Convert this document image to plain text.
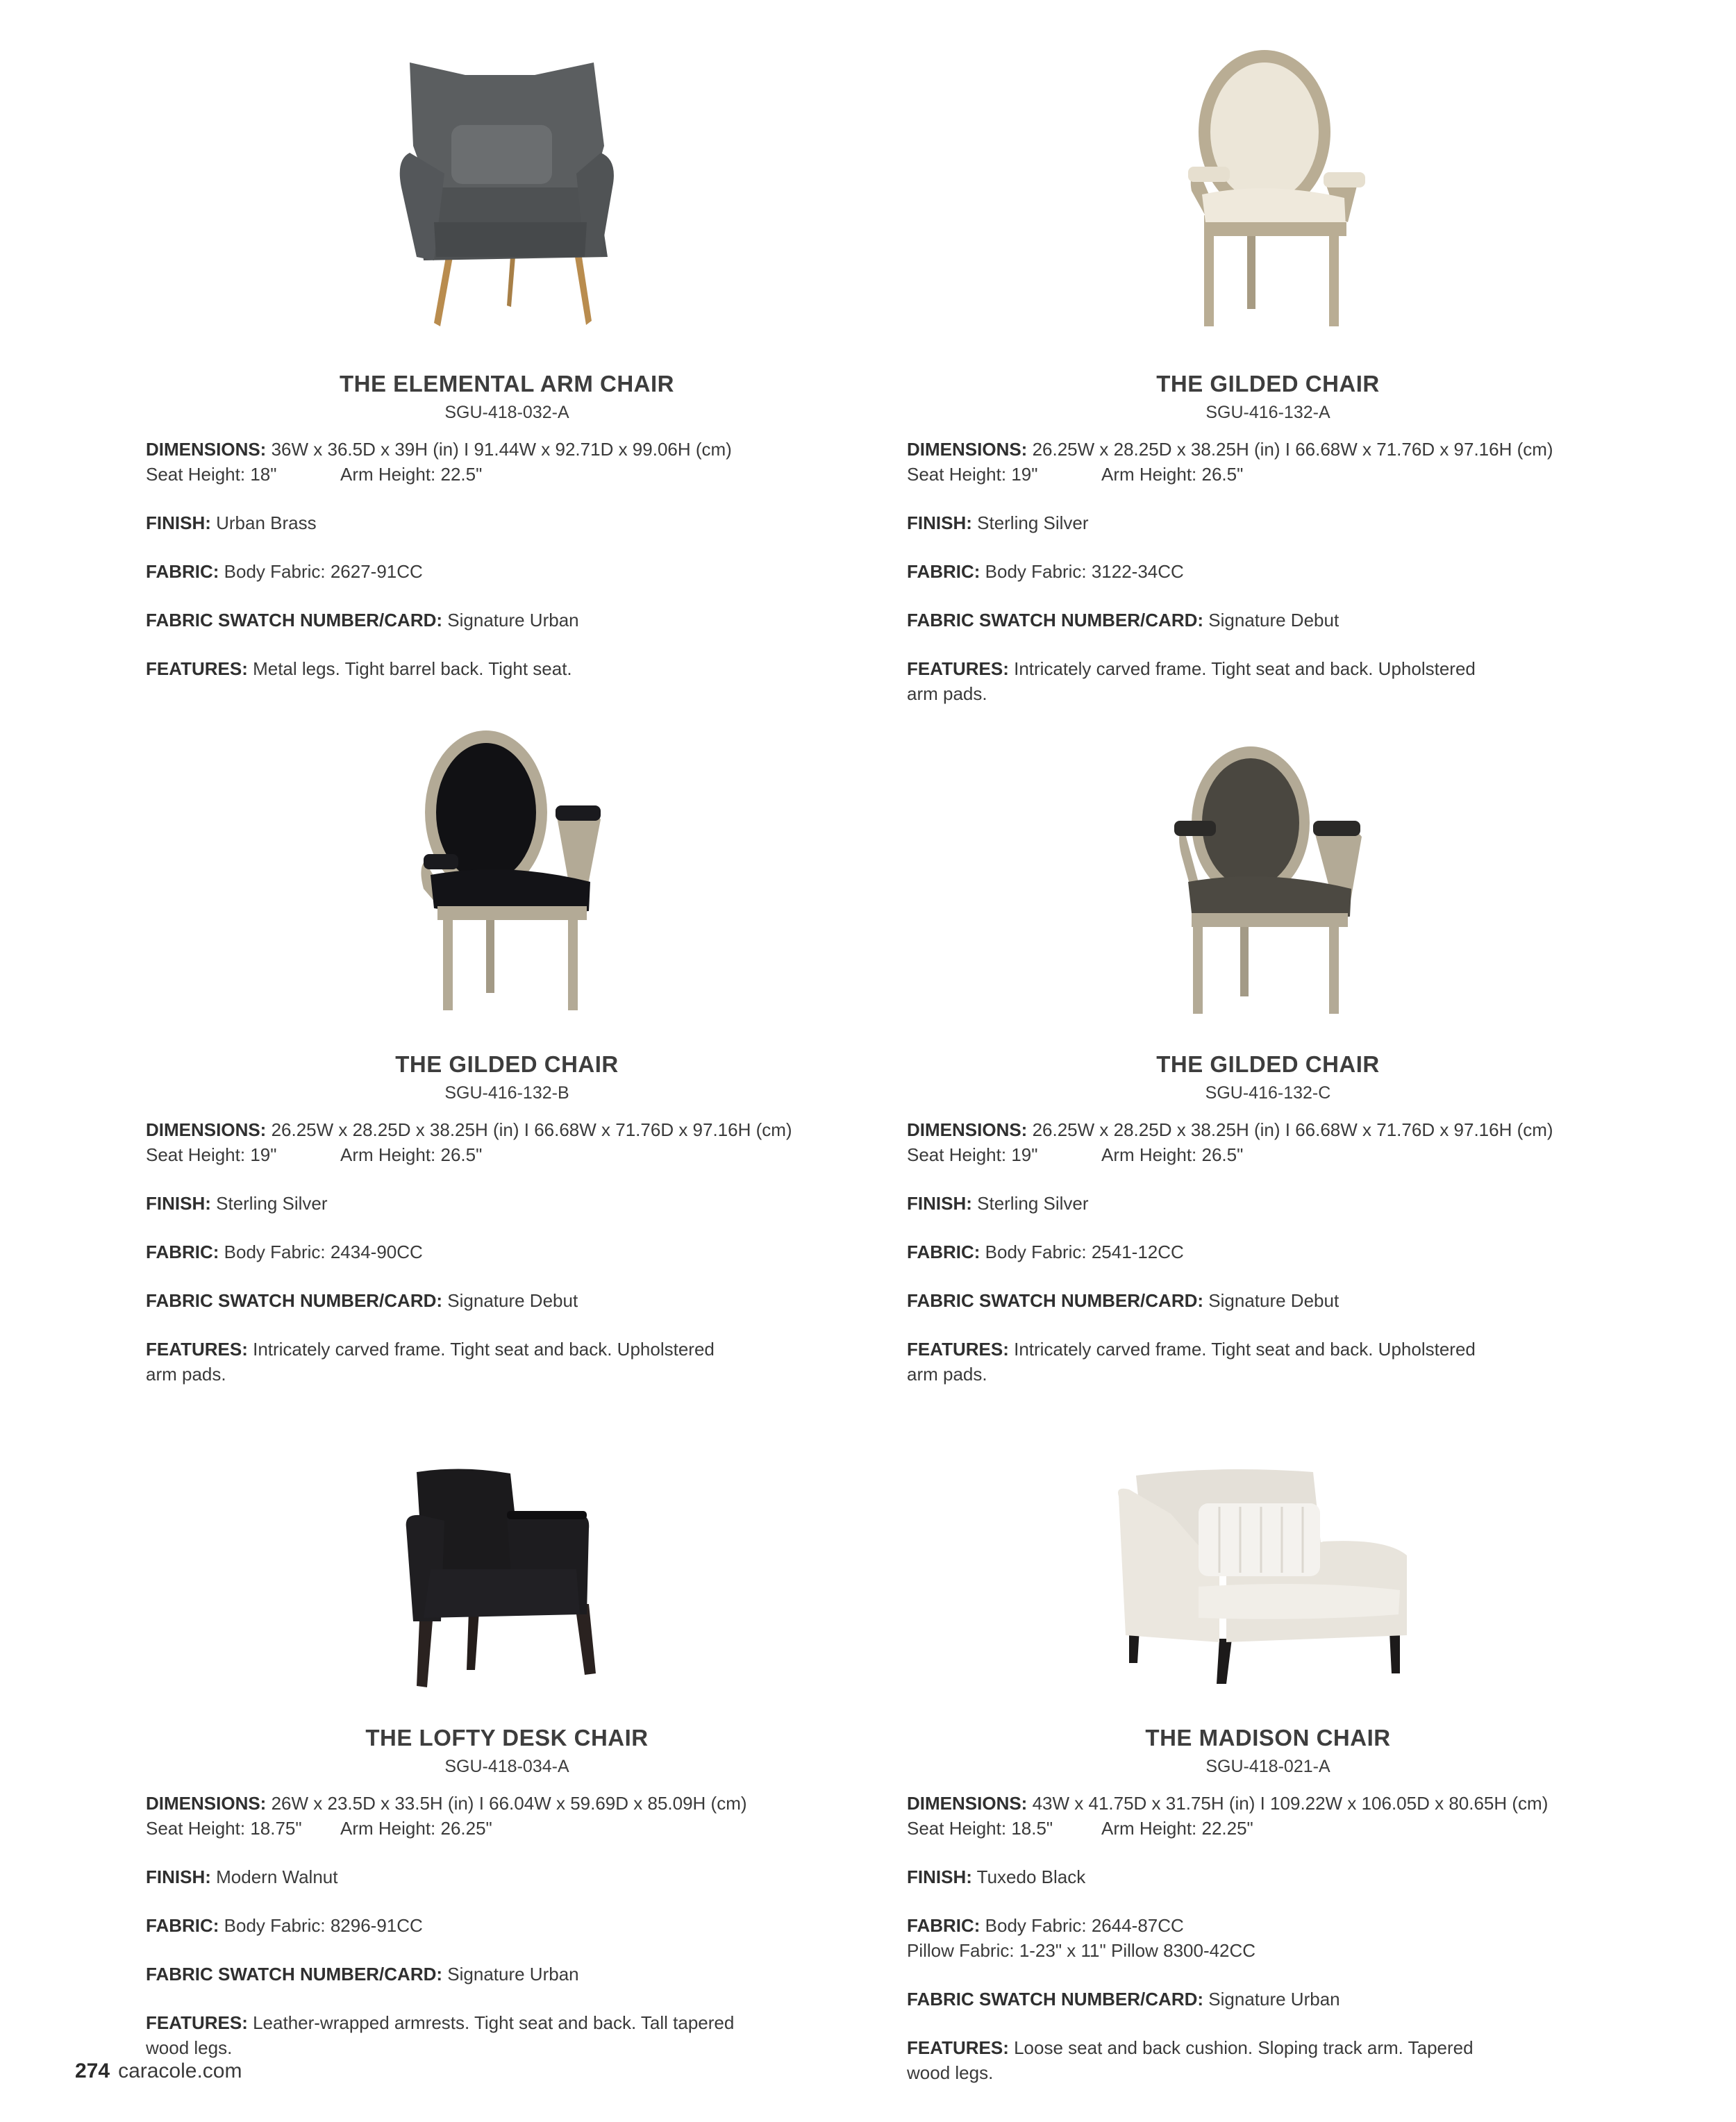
THE ELEMENTAL ARM CHAIR
SGU-418-032-A
DIMENSIONS: 36W x 36.5D x 39H (in) I 91.44W x 92.71D x 99.06H (cm)
Seat Height: 18"	Arm Height: 22.5"
FINISH: Urban Brass
FABRIC: Body Fabric: 2627-91CC
FABRIC SWATCH NUMBER/CARD: Signature Urban
FEATURES: Metal legs. Tight barrel back. Tight seat.
THE GILDED CHAIR
SGU-416-132-A
DIMENSIONS: 26.25W x 28.25D x 38.25H (in) I 66.68W x 71.76D x 97.16H (cm)
Seat Height: 19"	Arm Height: 26.5"
FINISH: Sterling Silver
FABRIC: Body Fabric: 3122-34CC
FABRIC SWATCH NUMBER/CARD: Signature Debut
FEATURES: Intricately carved frame. Tight seat and back. Upholstered
arm pads.
THE GILDED CHAIR
SGU-416-132-B
DIMENSIONS: 26.25W x 28.25D x 38.25H (in) I 66.68W x 71.76D x 97.16H (cm)
Seat Height: 19"	Arm Height: 26.5"
FINISH: Sterling Silver
FABRIC: Body Fabric: 2434-90CC
FABRIC SWATCH NUMBER/CARD: Signature Debut
FEATURES: Intricately carved frame. Tight seat and back. Upholstered
arm pads.
THE GILDED CHAIR
SGU-416-132-C
DIMENSIONS: 26.25W x 28.25D x 38.25H (in) I 66.68W x 71.76D x 97.16H (cm)
Seat Height: 19"	Arm Height: 26.5"
FINISH: Sterling Silver
FABRIC: Body Fabric: 2541-12CC
FABRIC SWATCH NUMBER/CARD: Signature Debut
FEATURES: Intricately carved frame. Tight seat and back. Upholstered
arm pads.
THE LOFTY DESK CHAIR
SGU-418-034-A
DIMENSIONS: 26W x 23.5D x 33.5H (in) I 66.04W x 59.69D x 85.09H (cm)
Seat Height: 18.75" Arm Height: 26.25"
FINISH: Modern Walnut
FABRIC: Body Fabric: 8296-91CC
FABRIC SWATCH NUMBER/CARD: Signature Urban
FEATURES: Leather-wrapped armrests. Tight seat and back. Tall tapered
wood legs.
THE MADISON CHAIR
SGU-418-021-A
DIMENSIONS: 43W x 41.75D x 31.75H (in) I 109.22W x 106.05D x 80.65H (cm)
Seat Height: 18.5"	Arm Height: 22.25"
FINISH: Tuxedo Black
FABRIC: Body Fabric: 2644-87CC
Pillow Fabric: 1-23" x 11" Pillow 8300-42CC
FABRIC SWATCH NUMBER/CARD: Signature Urban
FEATURES: Loose seat and back cushion. Sloping track arm. Tapered
wood legs.
274 caracole.com
